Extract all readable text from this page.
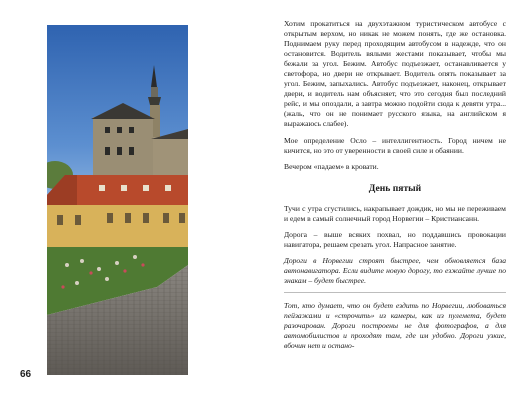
66

Хотим прокатиться на двухэтажном туристическом автобусе с открытым верхом, но никак не можем понять, где же остановка. Поднимаем руку перед проходящим автобусом в надежде, что он остановится. Водитель вялыми жестами показывает, чтобы мы бежали за угол. Бежим. Автобус подъезжает, останавливается у светофора, но двери не открывает. Водитель опять показывает за угол. Бежим, запыхались. Автобус подъезжает, наконец, открывает двери, и водитель нам объясняет, что это сегодня был последний рейс, и мы опоздали, а завтра можно подойти сюда к девяти утра... (жаль, что он не понимает русского языка, на английском я выражаюсь слабее).

Мое определение Осло – интеллигентность. Город ничем не кичится, но это от уверенности в своей силе и обаянии.

Вечером «падаем» в кровати.

День пятый

Тучи с утра сгустились, накрапывает дождик, но мы не переживаем и едем в самый солнечный город Норвегии – Кристиансанн.

Дорога – выше всяких похвал, но поддавшись провокации навигатора, решаем срезать угол. Напрасное занятие.

Дороги в Норвегии строят быстрее, чем обновляется база автонавигатора. Если видите новую дорогу, то езжайте лучше по знакам – будет быстрее.

Тот, кто думает, что он будет ездить по Норвегии, любоваться пейзажами и «строчить» из камеры, как из пулемета, будет разочарован. Дороги построены не для фотографов, а для автомобилистов и проходят там, где им удобно. Дороги узкие, вбочин нет и остано-
